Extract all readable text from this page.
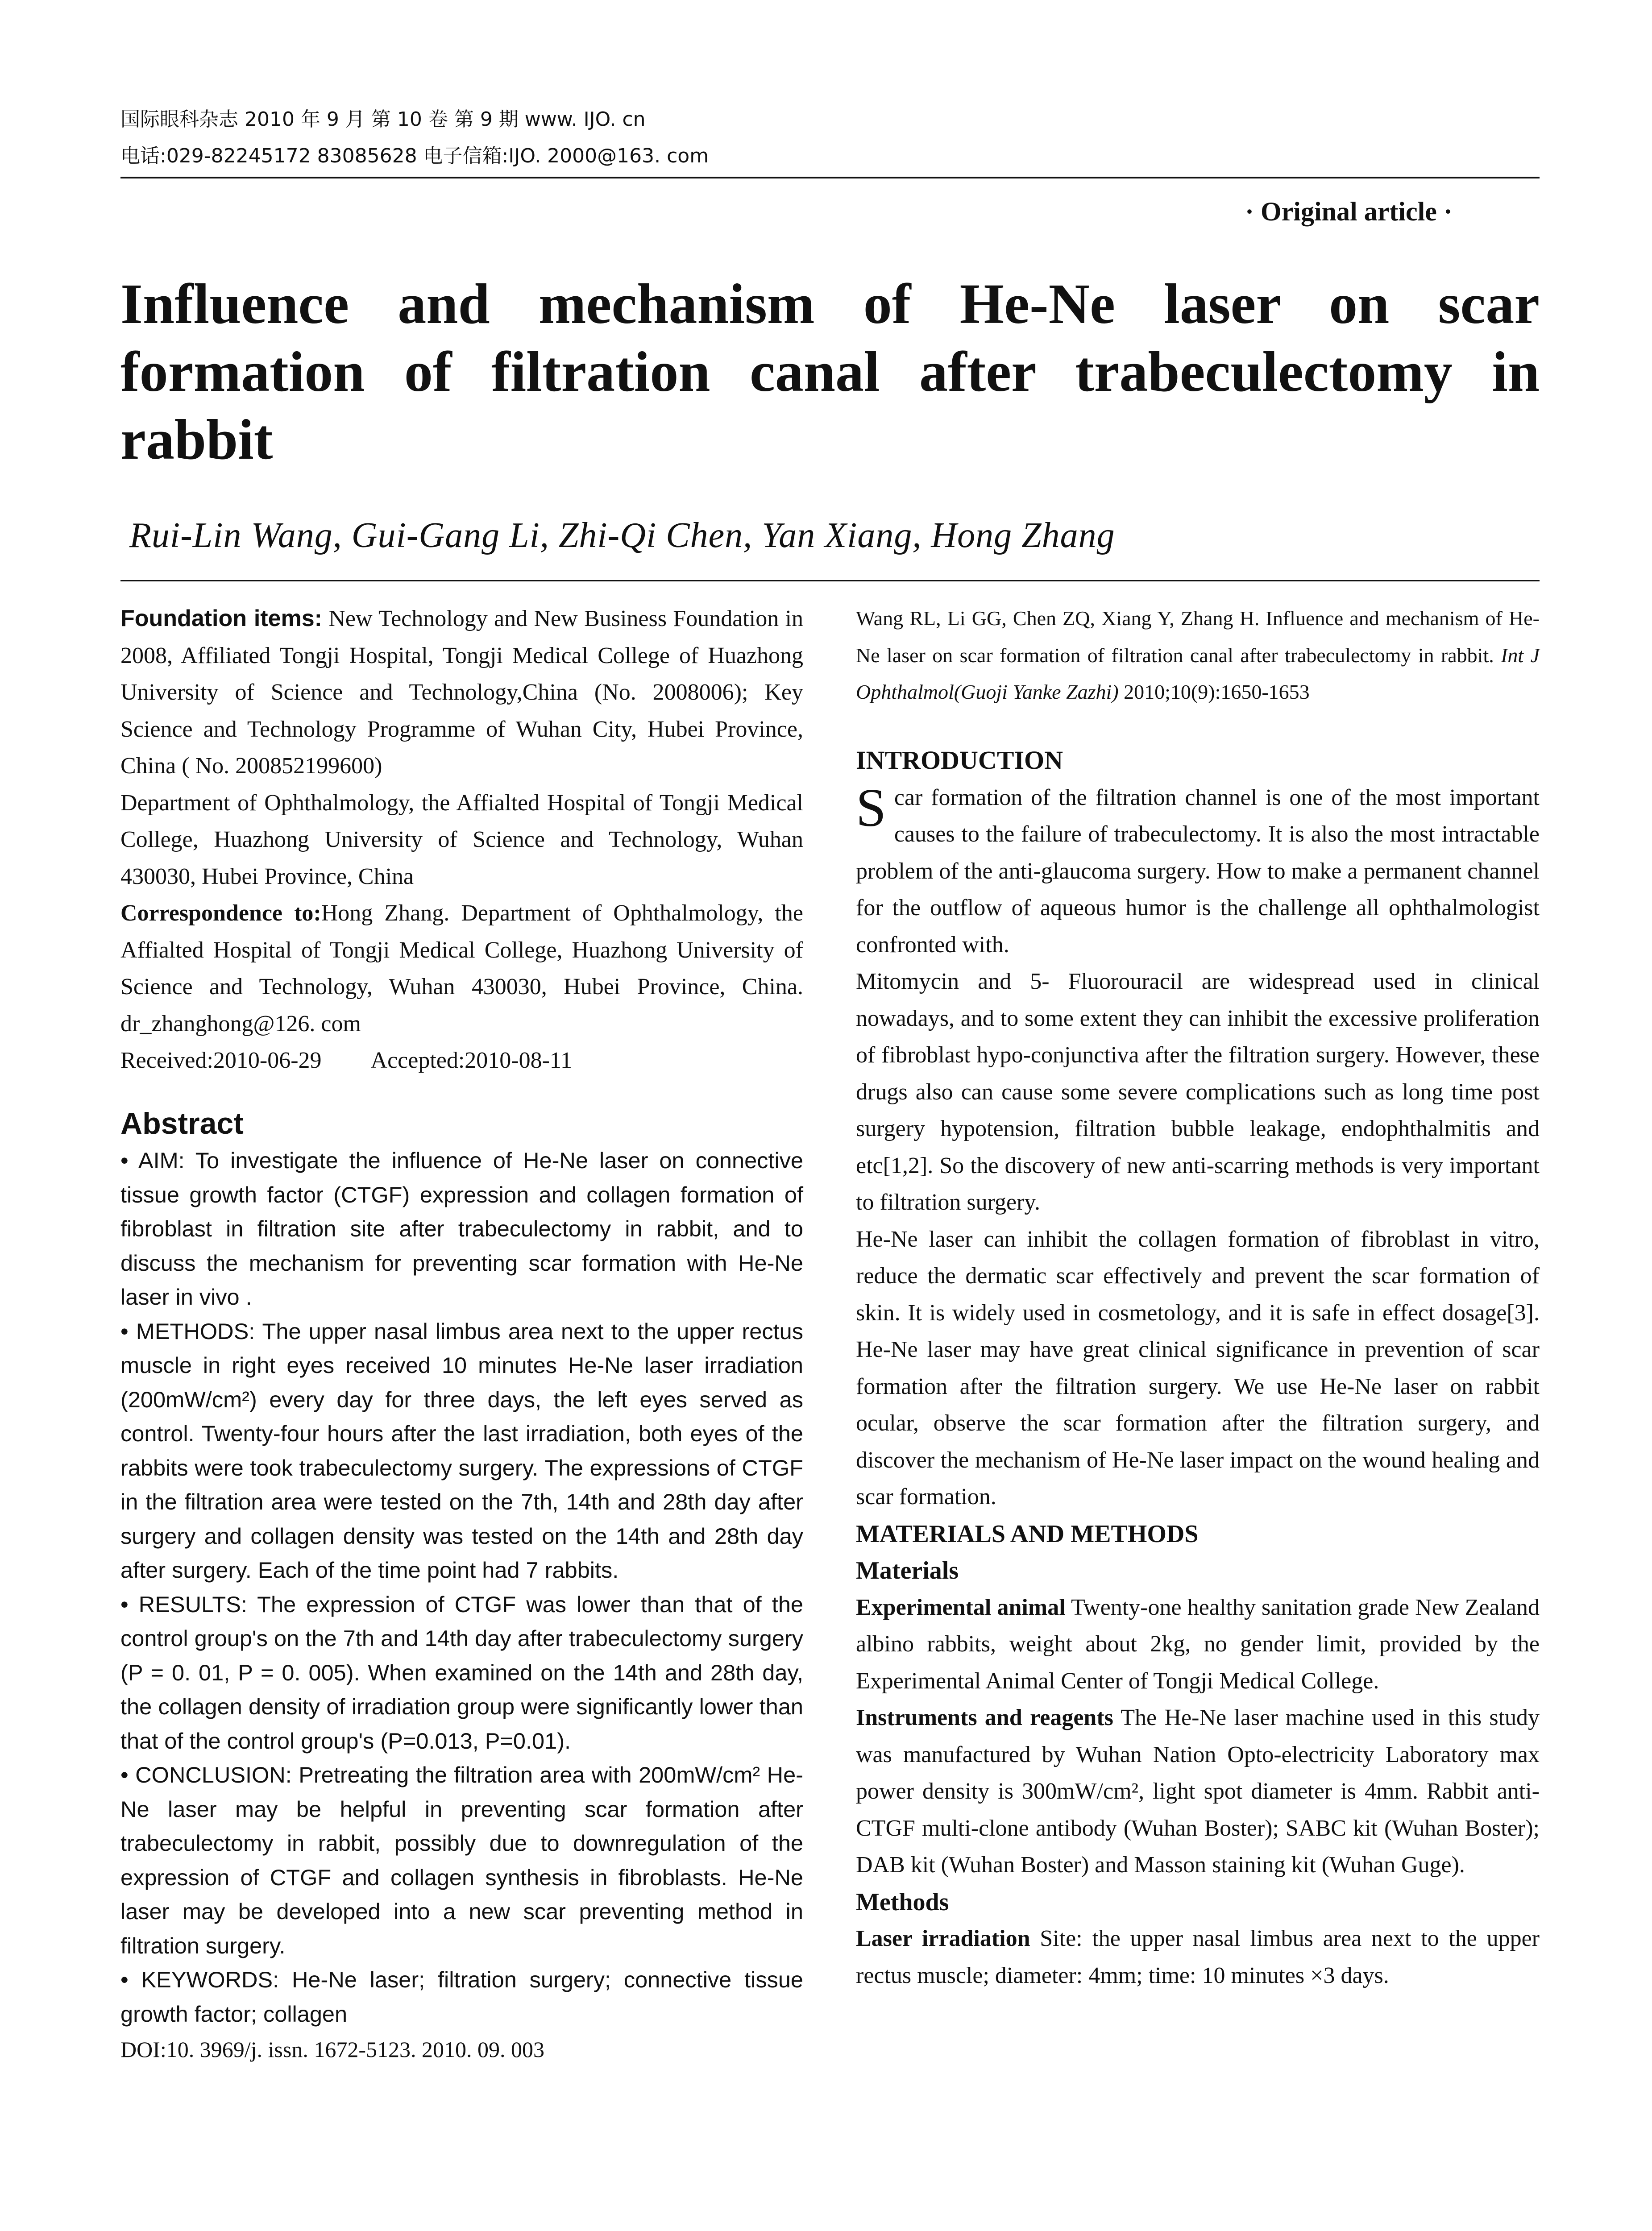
国际眼科杂志 2010 年 9 月 第 10 卷 第 9 期 www. IJO. cn
电话:029-82245172 83085628 电子信箱:IJO. 2000@163. com
· Original article ·
Influence and mechanism of He-Ne laser on scar
formation of filtration canal after trabeculectomy in
rabbit
Rui-Lin Wang, Gui-Gang Li, Zhi-Qi Chen, Yan Xiang, Hong Zhang

Foundation items: New Technology and New Business Foundation in 2008, Affiliated Tongji Hospital, Tongji Medical College of Huazhong University of Science and Technology,China (No. 2008006); Key Science and Technology Programme of Wuhan City, Hubei Province, China ( No. 200852199600)

Department of Ophthalmology, the Affialted Hospital of Tongji Medical College, Huazhong University of Science and Technology, Wuhan 430030, Hubei Province, China

Correspondence to:Hong Zhang. Department of Ophthalmology, the Affialted Hospital of Tongji Medical College, Huazhong University of Science and Technology, Wuhan 430030, Hubei Province, China. dr_zhanghong@126. com

Received:2010-06-29 Accepted:2010-08-11

Abstract

• AIM: To investigate the influence of He-Ne laser on connective tissue growth factor (CTGF) expression and collagen formation of fibroblast in filtration site after trabeculectomy in rabbit, and to discuss the mechanism for preventing scar formation with He-Ne laser in vivo .

• METHODS: The upper nasal limbus area next to the upper rectus muscle in right eyes received 10 minutes He-Ne laser irradiation (200mW/cm²) every day for three days, the left eyes served as control. Twenty-four hours after the last irradiation, both eyes of the rabbits were took trabeculectomy surgery. The expressions of CTGF in the filtration area were tested on the 7th, 14th and 28th day after surgery and collagen density was tested on the 14th and 28th day after surgery. Each of the time point had 7 rabbits.

• RESULTS: The expression of CTGF was lower than that of the control group's on the 7th and 14th day after trabeculectomy surgery (P = 0. 01, P = 0. 005). When examined on the 14th and 28th day, the collagen density of irradiation group were significantly lower than that of the control group's (P=0.013, P=0.01).

• CONCLUSION: Pretreating the filtration area with 200mW/cm² He-Ne laser may be helpful in preventing scar formation after trabeculectomy in rabbit, possibly due to downregulation of the expression of CTGF and collagen synthesis in fibroblasts. He-Ne laser may be developed into a new scar preventing method in filtration surgery.

• KEYWORDS: He-Ne laser; filtration surgery; connective tissue growth factor; collagen

DOI:10. 3969/j. issn. 1672-5123. 2010. 09. 003

Wang RL, Li GG, Chen ZQ, Xiang Y, Zhang H. Influence and mechanism of He-Ne laser on scar formation of filtration canal after trabeculectomy in rabbit. Int J Ophthalmol(Guoji Yanke Zazhi) 2010;10(9):1650-1653

INTRODUCTION

Scar formation of the filtration channel is one of the most important causes to the failure of trabeculectomy. It is also the most intractable problem of the anti-glaucoma surgery. How to make a permanent channel for the outflow of aqueous humor is the challenge all ophthalmologist confronted with.

Mitomycin and 5- Fluorouracil are widespread used in clinical nowadays, and to some extent they can inhibit the excessive proliferation of fibroblast hypo-conjunctiva after the filtration surgery. However, these drugs also can cause some severe complications such as long time post surgery hypotension, filtration bubble leakage, endophthalmitis and etc[1,2]. So the discovery of new anti-scarring methods is very important to filtration surgery.

He-Ne laser can inhibit the collagen formation of fibroblast in vitro, reduce the dermatic scar effectively and prevent the scar formation of skin. It is widely used in cosmetology, and it is safe in effect dosage[3]. He-Ne laser may have great clinical significance in prevention of scar formation after the filtration surgery. We use He-Ne laser on rabbit ocular, observe the scar formation after the filtration surgery, and discover the mechanism of He-Ne laser impact on the wound healing and scar formation.

MATERIALS AND METHODS

Materials

Experimental animal Twenty-one healthy sanitation grade New Zealand albino rabbits, weight about 2kg, no gender limit, provided by the Experimental Animal Center of Tongji Medical College.

Instruments and reagents The He-Ne laser machine used in this study was manufactured by Wuhan Nation Opto-electricity Laboratory max power density is 300mW/cm², light spot diameter is 4mm. Rabbit anti-CTGF multi-clone antibody (Wuhan Boster); SABC kit (Wuhan Boster); DAB kit (Wuhan Boster) and Masson staining kit (Wuhan Guge).

Methods

Laser irradiation Site: the upper nasal limbus area next to the upper rectus muscle; diameter: 4mm; time: 10 minutes ×3 days.
